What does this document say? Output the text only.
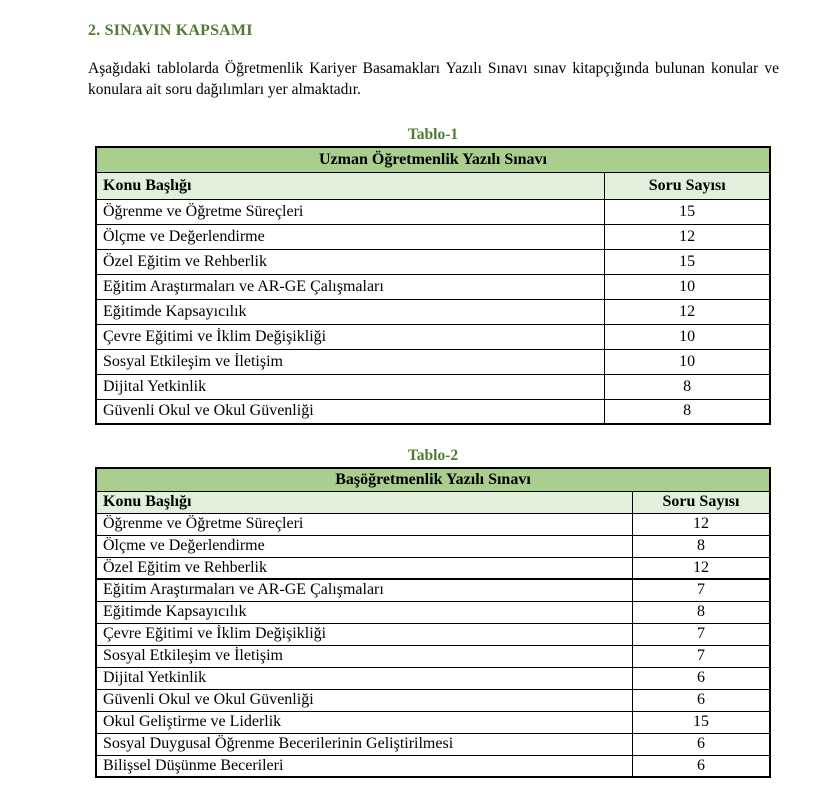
2. SINAVIN KAPSAMI

Aşağıdaki tablolarda Öğretmenlik Kariyer Basamakları Yazılı Sınavı sınav kitapçığında bulunan konular ve konulara ait soru dağılımları yer almaktadır.

Tablo-1
Uzman Öğretmenlik Yazılı Sınavı	
Konu Başlığı	Soru Sayısı
Öğrenme ve Öğretme Süreçleri	15
Ölçme ve Değerlendirme	12
Özel Eğitim ve Rehberlik	15
Eğitim Araştırmaları ve AR-GE Çalışmaları	10
Eğitimde Kapsayıcılık	12
Çevre Eğitimi ve İklim Değişikliği	10
Sosyal Etkileşim ve İletişim	10
Dijital Yetkinlik	8
Güvenli Okul ve Okul Güvenliği	8
Tablo-2
Başöğretmenlik Yazılı Sınavı	
Konu Başlığı	Soru Sayısı
Öğrenme ve Öğretme Süreçleri	12
Ölçme ve Değerlendirme	8
Özel Eğitim ve Rehberlik	12
Eğitim Araştırmaları ve AR-GE Çalışmaları	7
Eğitimde Kapsayıcılık	8
Çevre Eğitimi ve İklim Değişikliği	7
Sosyal Etkileşim ve İletişim	7
Dijital Yetkinlik	6
Güvenli Okul ve Okul Güvenliği	6
Okul Geliştirme ve Liderlik	15
Sosyal Duygusal Öğrenme Becerilerinin Geliştirilmesi	6
Bilişsel Düşünme Becerileri	6
